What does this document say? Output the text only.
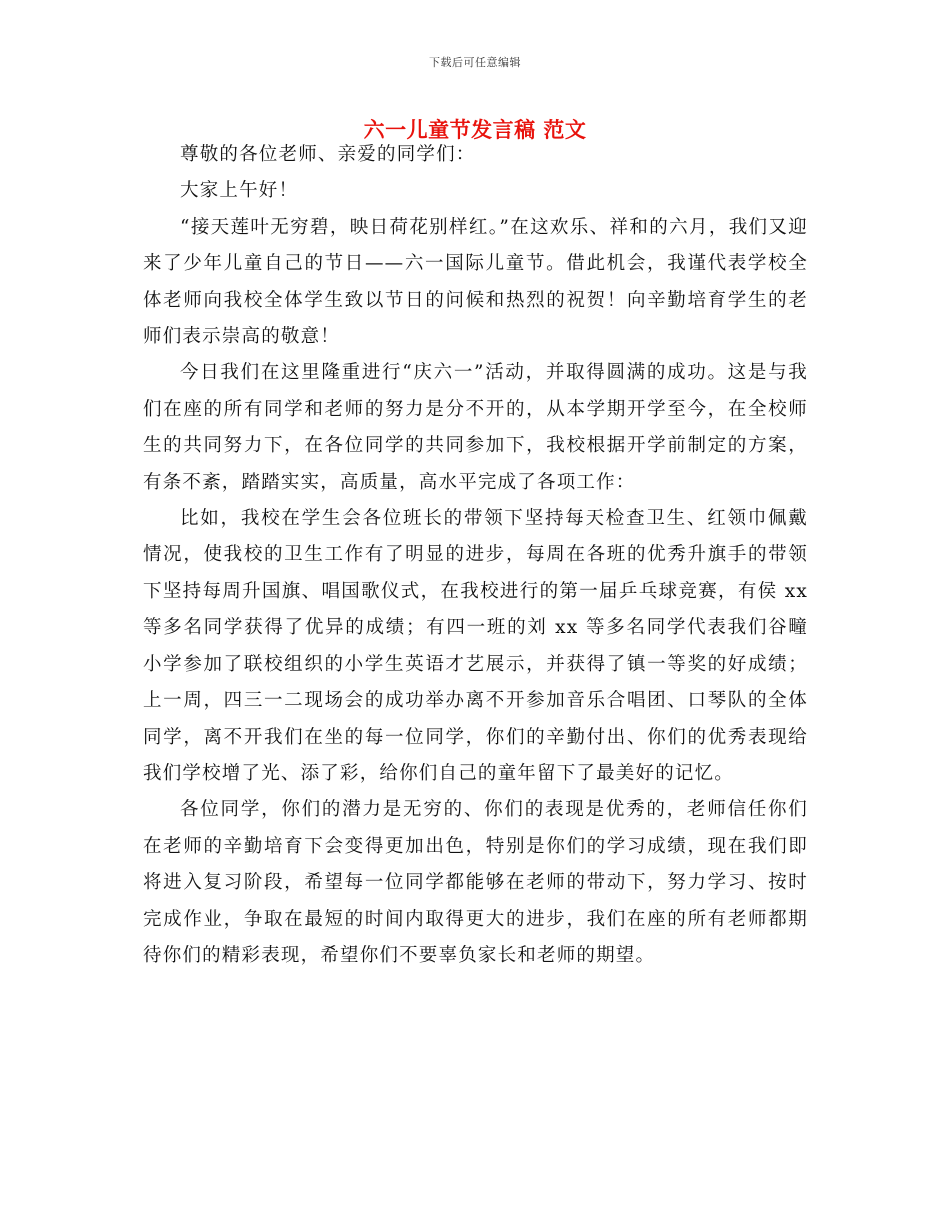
下载后可任意编辑
六一儿童节发言稿 范文

尊敬的各位老师、亲爱的同学们：

大家上午好！

“接天莲叶无穷碧，映日荷花别样红。”在这欢乐、祥和的六月，我们又迎来了少年儿童自己的节日——六一国际儿童节。借此机会，我谨代表学校全体老师向我校全体学生致以节日的问候和热烈的祝贺！向辛勤培育学生的老师们表示崇高的敬意！

今日我们在这里隆重进行“庆六一”活动，并取得圆满的成功。这是与我们在座的所有同学和老师的努力是分不开的，从本学期开学至今，在全校师生的共同努力下，在各位同学的共同参加下，我校根据开学前制定的方案，有条不紊，踏踏实实，高质量，高水平完成了各项工作：

比如，我校在学生会各位班长的带领下坚持每天检查卫生、红领巾佩戴情况，使我校的卫生工作有了明显的进步，每周在各班的优秀升旗手的带领下坚持每周升国旗、唱国歌仪式，在我校进行的第一届乒乓球竞赛，有侯 xx 等多名同学获得了优异的成绩；有四一班的刘 xx 等多名同学代表我们谷疃小学参加了联校组织的小学生英语才艺展示，并获得了镇一等奖的好成绩；上一周，四三一二现场会的成功举办离不开参加音乐合唱团、口琴队的全体同学，离不开我们在坐的每一位同学，你们的辛勤付出、你们的优秀表现给我们学校增了光、添了彩，给你们自己的童年留下了最美好的记忆。

各位同学，你们的潜力是无穷的、你们的表现是优秀的，老师信任你们在老师的辛勤培育下会变得更加出色，特别是你们的学习成绩，现在我们即将进入复习阶段，希望每一位同学都能够在老师的带动下，努力学习、按时完成作业，争取在最短的时间内取得更大的进步，我们在座的所有老师都期待你们的精彩表现，希望你们不要辜负家长和老师的期望。
